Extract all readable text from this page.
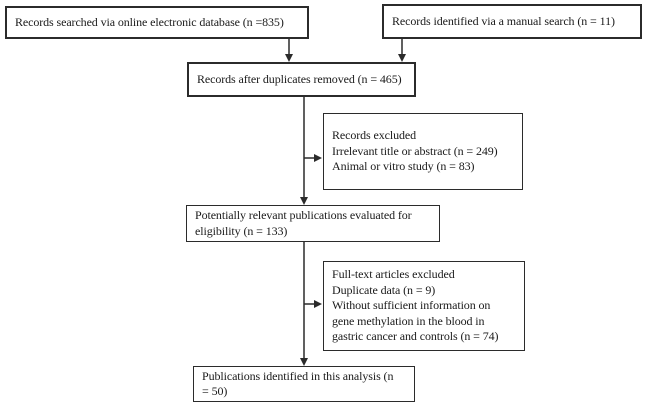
Records searched via online electronic database (n =835)	Records identified via a manual search (n = 11)
Records after duplicates removed (n = 465)
Records excluded
Irrelevant title or abstract (n = 249)
Animal or vitro study (n = 83)
Potentially relevant publications evaluated for
eligibility (n = 133)
Full-text articles excluded
Duplicate data (n = 9)
Without sufficient information on
gene methylation in the blood in
gastric cancer and controls (n = 74)
Publications identified in this analysis (n
= 50)
